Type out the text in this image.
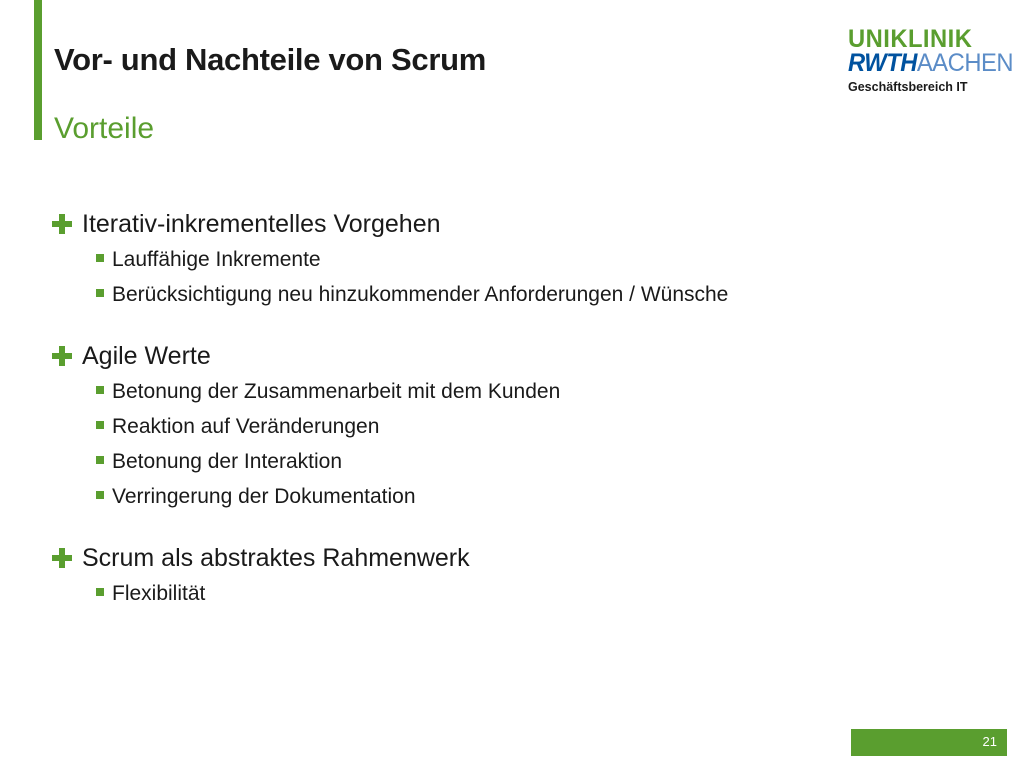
Vor- und Nachteile von Scrum
Vorteile
UNIKLINIK
RWTHAACHEN
Geschäftsbereich IT
Iterativ-inkrementelles Vorgehen
Lauffähige Inkremente
Berücksichtigung neu hinzukommender Anforderungen / Wünsche
Agile Werte
Betonung der Zusammenarbeit mit dem Kunden
Reaktion auf Veränderungen
Betonung der Interaktion
Verringerung der Dokumentation
Scrum als abstraktes Rahmenwerk
Flexibilität
21
